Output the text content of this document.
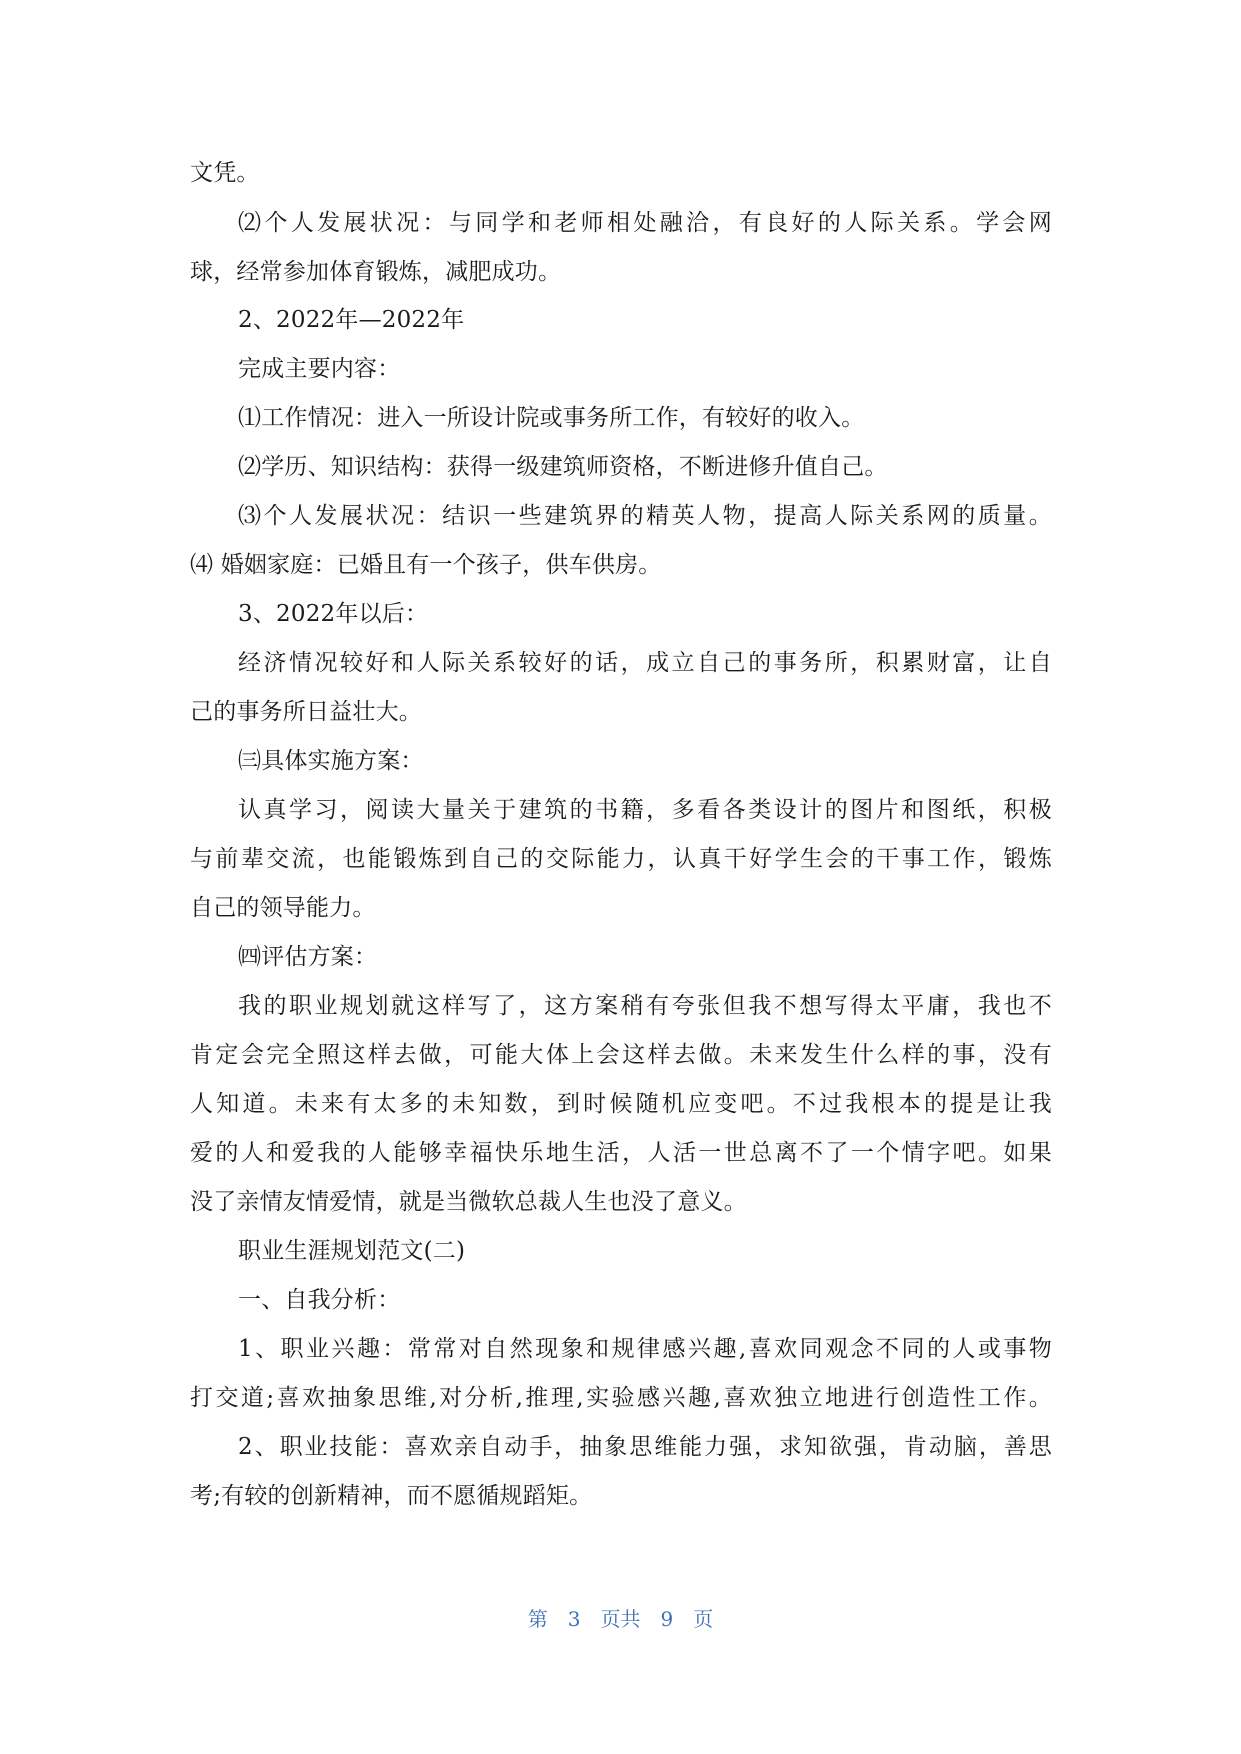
文凭。
⑵个人发展状况：与同学和老师相处融洽，有良好的人际关系。学会网
球，经常参加体育锻炼，减肥成功。
2、2022年—2022年
完成主要内容：
⑴工作情况：进入一所设计院或事务所工作，有较好的收入。
⑵学历、知识结构：获得一级建筑师资格，不断进修升值自己。
⑶个人发展状况：结识一些建筑界的精英人物，提高人际关系网的质量。
⑷ 婚姻家庭：已婚且有一个孩子，供车供房。
3、2022年以后：
经济情况较好和人际关系较好的话，成立自己的事务所，积累财富，让自
己的事务所日益壮大。
㈢具体实施方案：
认真学习，阅读大量关于建筑的书籍，多看各类设计的图片和图纸，积极
与前辈交流，也能锻炼到自己的交际能力，认真干好学生会的干事工作，锻炼
自己的领导能力。
㈣评估方案：
我的职业规划就这样写了，这方案稍有夸张但我不想写得太平庸，我也不
肯定会完全照这样去做，可能大体上会这样去做。未来发生什么样的事，没有
人知道。未来有太多的未知数，到时候随机应变吧。不过我根本的提是让我
爱的人和爱我的人能够幸福快乐地生活，人活一世总离不了一个情字吧。如果
没了亲情友情爱情，就是当微软总裁人生也没了意义。
职业生涯规划范文(二)
一、自我分析：
1、职业兴趣：常常对自然现象和规律感兴趣,喜欢同观念不同的人或事物
打交道;喜欢抽象思维,对分析,推理,实验感兴趣,喜欢独立地进行创造性工作。
2、职业技能：喜欢亲自动手，抽象思维能力强，求知欲强，肯动脑，善思
考;有较的创新精神，而不愿循规蹈矩。
第 3 页共 9 页
